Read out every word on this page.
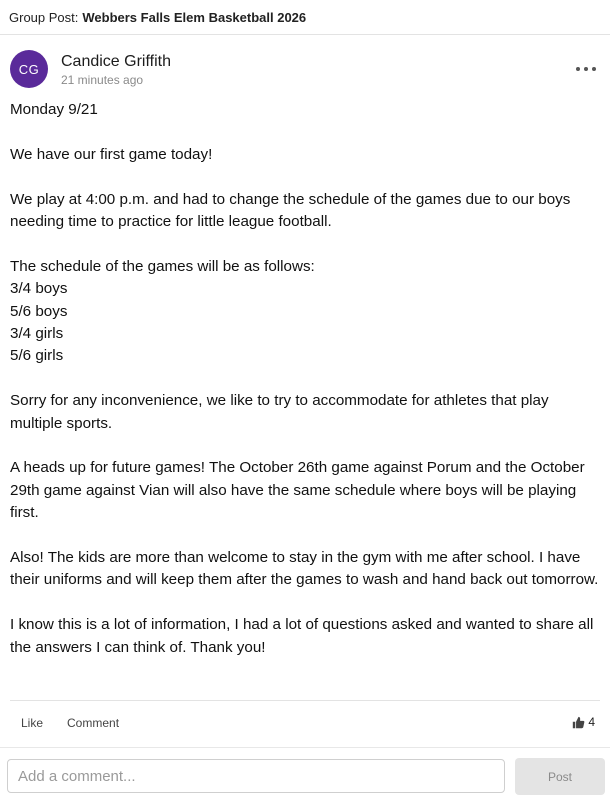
Group Post: Webbers Falls Elem Basketball 2026
CG Candice Griffith
21 minutes ago

Monday 9/21

We have our first game today!

We play at 4:00 p.m. and had to change the schedule of the games due to our boys needing time to practice for little league football.

The schedule of the games will be as follows:
3/4 boys
5/6 boys
3/4 girls
5/6 girls

Sorry for any inconvenience, we like to try to accommodate for athletes that play multiple sports.

A heads up for future games! The October 26th game against Porum and the October 29th game against Vian will also have the same schedule where boys will be playing first.

Also! The kids are more than welcome to stay in the gym with me after school. I have their uniforms and will keep them after the games to wash and hand back out tomorrow.

I know this is a lot of information, I had a lot of questions asked and wanted to share all the answers I can think of. Thank you!

Like Comment	4
Add a comment...
Post
